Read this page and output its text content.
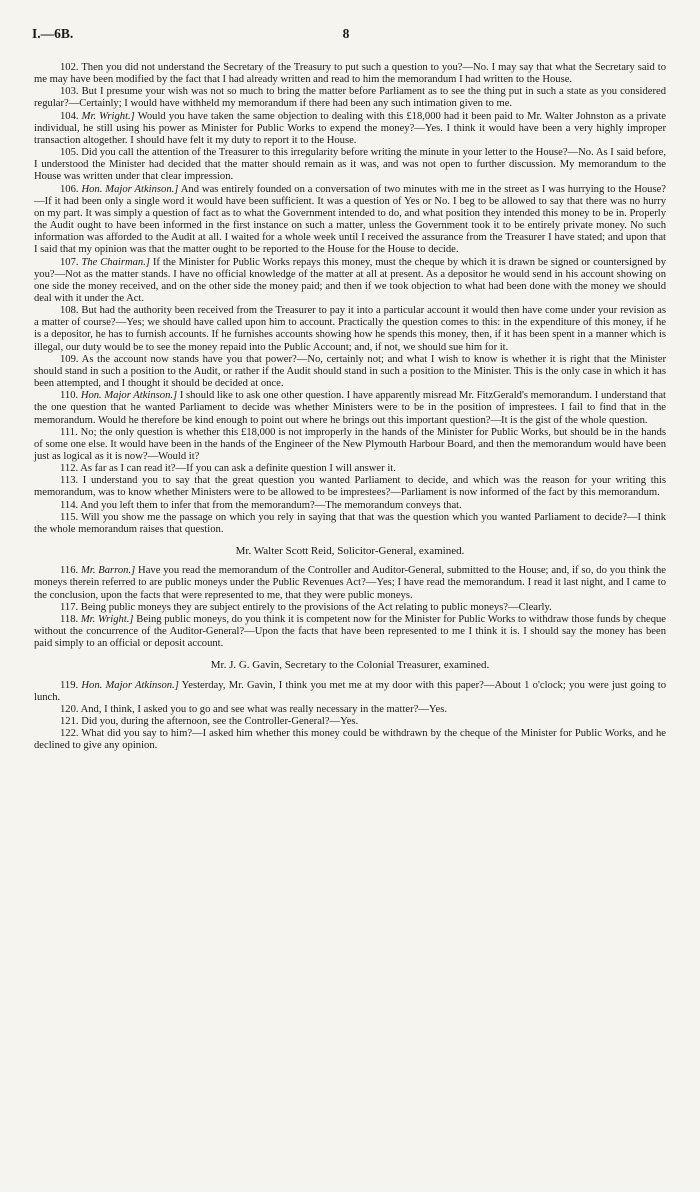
I.—6B.	8

102. Then you did not understand the Secretary of the Treasury to put such a question to you?—No. I may say that what the Secretary said to me may have been modified by the fact that I had already written and read to him the memorandum I had written to the House.

103. But I presume your wish was not so much to bring the matter before Parliament as to see the thing put in such a state as you considered regular?—Certainly; I would have withheld my memorandum if there had been any such intimation given to me.

104. Mr. Wright.] Would you have taken the same objection to dealing with this £18,000 had it been paid to Mr. Walter Johnston as a private individual, he still using his power as Minister for Public Works to expend the money?—Yes. I think it would have been a very highly improper transaction altogether. I should have felt it my duty to report it to the House.

105. Did you call the attention of the Treasurer to this irregularity before writing the minute in your letter to the House?—No. As I said before, I understood the Minister had decided that the matter should remain as it was, and was not open to further discussion. My memorandum to the House was written under that clear impression.

106. Hon. Major Atkinson.] And was entirely founded on a conversation of two minutes with me in the street as I was hurrying to the House?—If it had been only a single word it would have been sufficient. It was a question of Yes or No. I beg to be allowed to say that there was no hurry on my part. It was simply a question of fact as to what the Government intended to do, and what position they intended this money to be in. Properly the Audit ought to have been informed in the first instance on such a matter, unless the Government took it to be entirely private money. No such information was afforded to the Audit at all. I waited for a whole week until I received the assurance from the Treasurer I have stated; and upon that I said that my opinion was that the matter ought to be reported to the House for the House to decide.

107. The Chairman.] If the Minister for Public Works repays this money, must the cheque by which it is drawn be signed or countersigned by you?—Not as the matter stands. I have no official knowledge of the matter at all at present. As a depositor he would send in his account showing on one side the money received, and on the other side the money paid; and then if we took objection to what had been done with the money we should deal with it under the Act.

108. But had the authority been received from the Treasurer to pay it into a particular account it would then have come under your revision as a matter of course?—Yes; we should have called upon him to account. Practically the question comes to this: in the expenditure of this money, if he is a depositor, he has to furnish accounts. If he furnishes accounts showing how he spends this money, then, if it has been spent in a manner which is illegal, our duty would be to see the money repaid into the Public Account; and, if not, we should sue him for it.

109. As the account now stands have you that power?—No, certainly not; and what I wish to know is whether it is right that the Minister should stand in such a position to the Audit, or rather if the Audit should stand in such a position to the Minister. This is the only case in which it has been attempted, and I thought it should be decided at once.

110. Hon. Major Atkinson.] I should like to ask one other question. I have apparently misread Mr. FitzGerald's memorandum. I understand that the one question that he wanted Parliament to decide was whether Ministers were to be in the position of imprestees. I fail to find that in the memorandum. Would he therefore be kind enough to point out where he brings out this important question?—It is the gist of the whole question.

111. No; the only question is whether this £18,000 is not improperly in the hands of the Minister for Public Works, but should be in the hands of some one else. It would have been in the hands of the Engineer of the New Plymouth Harbour Board, and then the memorandum would have been just as logical as it is now?—Would it?

112. As far as I can read it?—If you can ask a definite question I will answer it.

113. I understand you to say that the great question you wanted Parliament to decide, and which was the reason for your writing this memorandum, was to know whether Ministers were to be allowed to be imprestees?—Parliament is now informed of the fact by this memorandum.

114. And you left them to infer that from the memorandum?—The memorandum conveys that.

115. Will you show me the passage on which you rely in saying that that was the question which you wanted Parliament to decide?—I think the whole memorandum raises that question.

Mr. Walter Scott Reid, Solicitor-General, examined.

116. Mr. Barron.] Have you read the memorandum of the Controller and Auditor-General, submitted to the House; and, if so, do you think the moneys therein referred to are public moneys under the Public Revenues Act?—Yes; I have read the memorandum. I read it last night, and I came to the conclusion, upon the facts that were represented to me, that they were public moneys.

117. Being public moneys they are subject entirely to the provisions of the Act relating to public moneys?—Clearly.

118. Mr. Wright.] Being public moneys, do you think it is competent now for the Minister for Public Works to withdraw those funds by cheque without the concurrence of the Auditor-General?—Upon the facts that have been represented to me I think it is. I should say the money has been paid simply to an official or deposit account.

Mr. J. G. Gavin, Secretary to the Colonial Treasurer, examined.

119. Hon. Major Atkinson.] Yesterday, Mr. Gavin, I think you met me at my door with this paper?—About 1 o'clock; you were just going to lunch.

120. And, I think, I asked you to go and see what was really necessary in the matter?—Yes.

121. Did you, during the afternoon, see the Controller-General?—Yes.

122. What did you say to him?—I asked him whether this money could be withdrawn by the cheque of the Minister for Public Works, and he declined to give any opinion.
